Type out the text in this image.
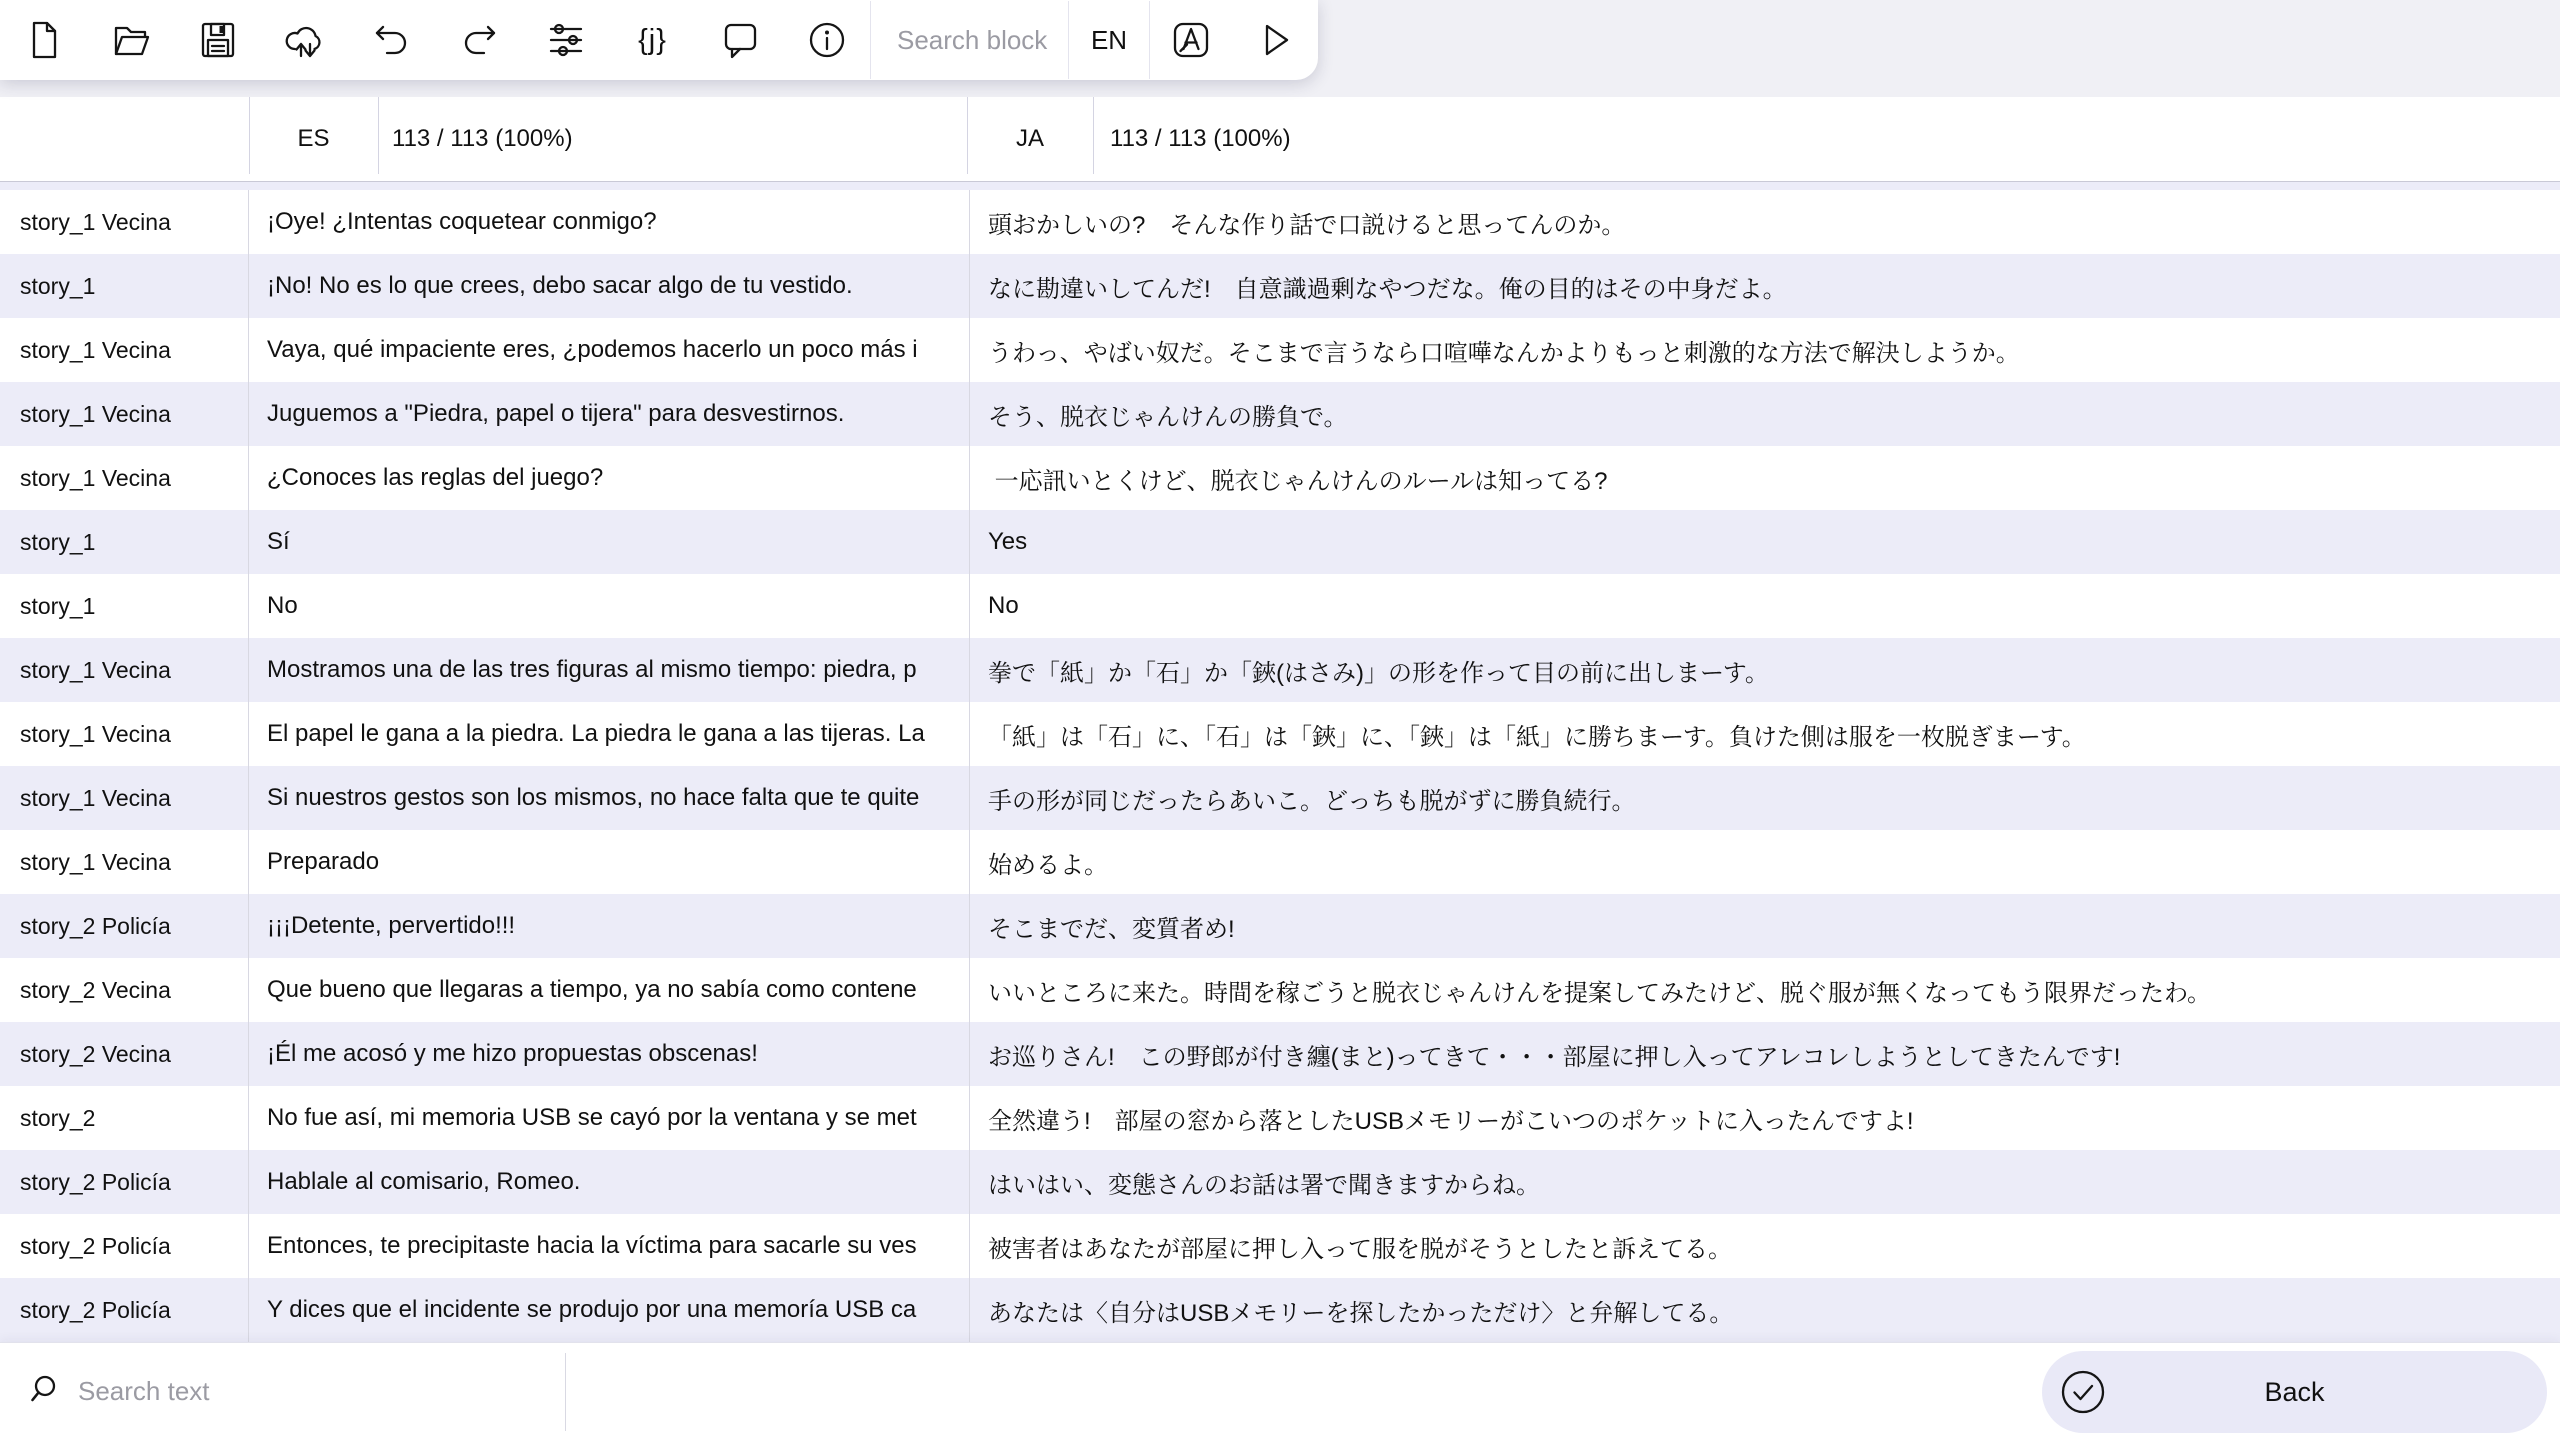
{j}
Search block	EN
ES	113 / 113 (100%)	JA	113 / 113 (100%)
story_1 Vecina	¡Oye! ¿Intentas coquetear conmigo?	頭おかしいの?　そんな作り話で口説けると思ってんのか。
story_1	¡No! No es lo que crees, debo sacar algo de tu vestido.	なに勘違いしてんだ!　自意識過剰なやつだな。俺の目的はその中身だよ。
story_1 Vecina	Vaya, qué impaciente eres, ¿podemos hacerlo un poco más i	うわっ、やばい奴だ。そこまで言うなら口喧嘩なんかよりもっと刺激的な方法で解決しようか。
story_1 Vecina	Juguemos a "Piedra, papel o tijera" para desvestirnos.	そう、脱衣じゃんけんの勝負で。
story_1 Vecina	¿Conoces las reglas del juego?	一応訊いとくけど、脱衣じゃんけんのルールは知ってる?
story_1	Sí	Yes
story_1	No	No
story_1 Vecina	Mostramos una de las tres figuras al mismo tiempo: piedra, p	拳で「紙」か「石」か「鋏(はさみ)」の形を作って目の前に出しまーす。
story_1 Vecina	El papel le gana a la piedra. La piedra le gana a las tijeras. La	「紙」は「石」に、「石」は「鋏」に、「鋏」は「紙」に勝ちまーす。負けた側は服を一枚脱ぎまーす。
story_1 Vecina	Si nuestros gestos son los mismos, no hace falta que te quite	手の形が同じだったらあいこ。どっちも脱がずに勝負続行。
story_1 Vecina	Preparado	始めるよ。
story_2 Policía	¡¡¡Detente, pervertido!!!	そこまでだ、変質者め!
story_2 Vecina	Que bueno que llegaras a tiempo, ya no sabía como contene	いいところに来た。時間を稼ごうと脱衣じゃんけんを提案してみたけど、脱ぐ服が無くなってもう限界だったわ。
story_2 Vecina	¡Él me acosó y me hizo propuestas obscenas!	お巡りさん!　この野郎が付き纏(まと)ってきて・・・部屋に押し入ってアレコレしようとしてきたんです!
story_2	No fue así, mi memoria USB se cayó por la ventana y se met	全然違う!　部屋の窓から落としたUSBメモリーがこいつのポケットに入ったんですよ!
story_2 Policía	Hablale al comisario, Romeo.	はいはい、変態さんのお話は署で聞きますからね。
story_2 Policía	Entonces, te precipitaste hacia la víctima para sacarle su ves	被害者はあなたが部屋に押し入って服を脱がそうとしたと訴えてる。
story_2 Policía	Y dices que el incidente se produjo por una memoría USB ca	あなたは〈自分はUSBメモリーを探したかっただけ〉と弁解してる。
Search text
Back
